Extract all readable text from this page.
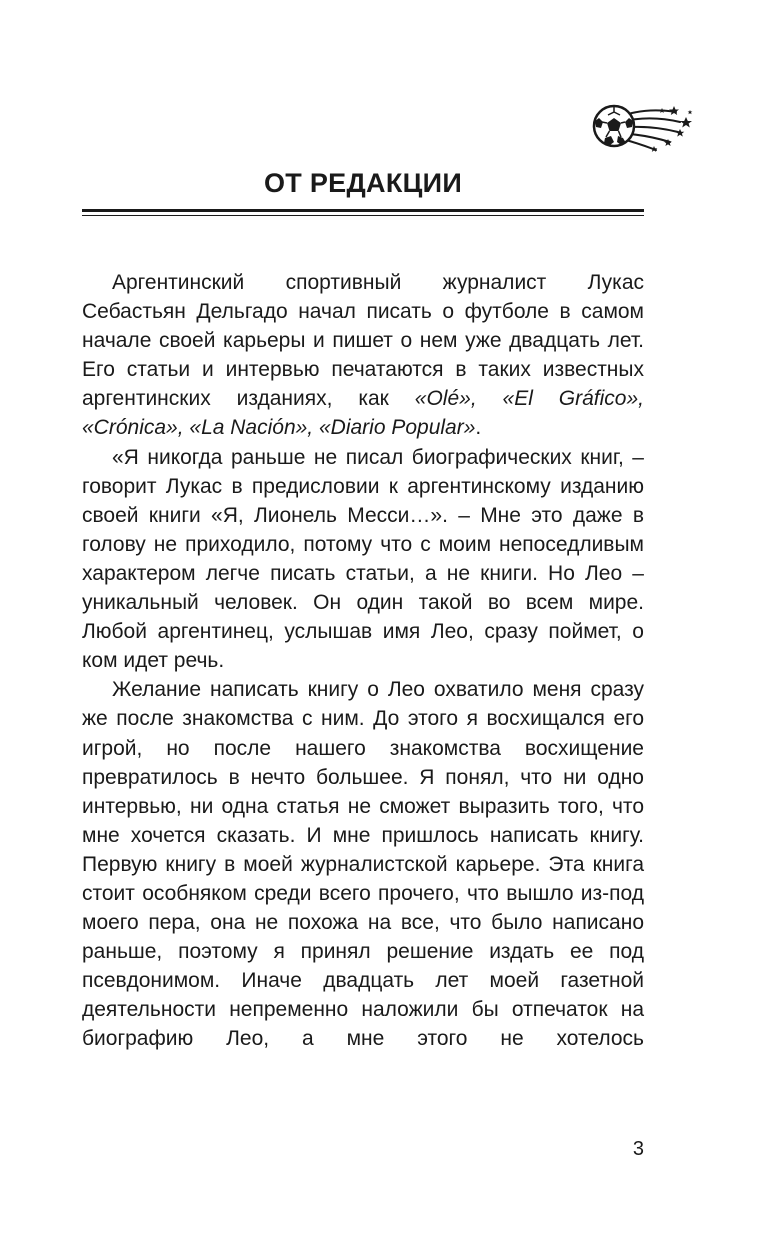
ОТ РЕДАКЦИИ

Аргентинский спортивный журналист Лукас Себастьян Дельгадо начал писать о футболе в самом начале своей карьеры и пишет о нем уже двадцать лет. Его статьи и интервью печатаются в таких известных аргентинских изданиях, как «Olé», «El Gráfico», «Crónica», «La Nación», «Diario Popular».

«Я никогда раньше не писал биографических книг, – говорит Лукас в предисловии к аргентинскому изданию своей книги «Я, Лионель Месси…». – Мне это даже в голову не приходило, потому что с моим непоседливым характером легче писать статьи, а не книги. Но Лео – уникальный человек. Он один такой во всем мире. Любой аргентинец, услышав имя Лео, сразу поймет, о ком идет речь.

Желание написать книгу о Лео охватило меня сразу же после знакомства с ним. До этого я восхищался его игрой, но после нашего знакомства восхищение превратилось в нечто большее. Я понял, что ни одно интервью, ни одна статья не сможет выразить того, что мне хочется сказать. И мне пришлось написать книгу. Первую книгу в моей журналистской карьере. Эта книга стоит особняком среди всего прочего, что вышло из-под моего пера, она не похожа на все, что было написано раньше, поэтому я принял решение издать ее под псевдонимом. Иначе двадцать лет моей газетной деятельности непременно наложили бы отпечаток на биографию Лео, а мне этого не хотелось

3
